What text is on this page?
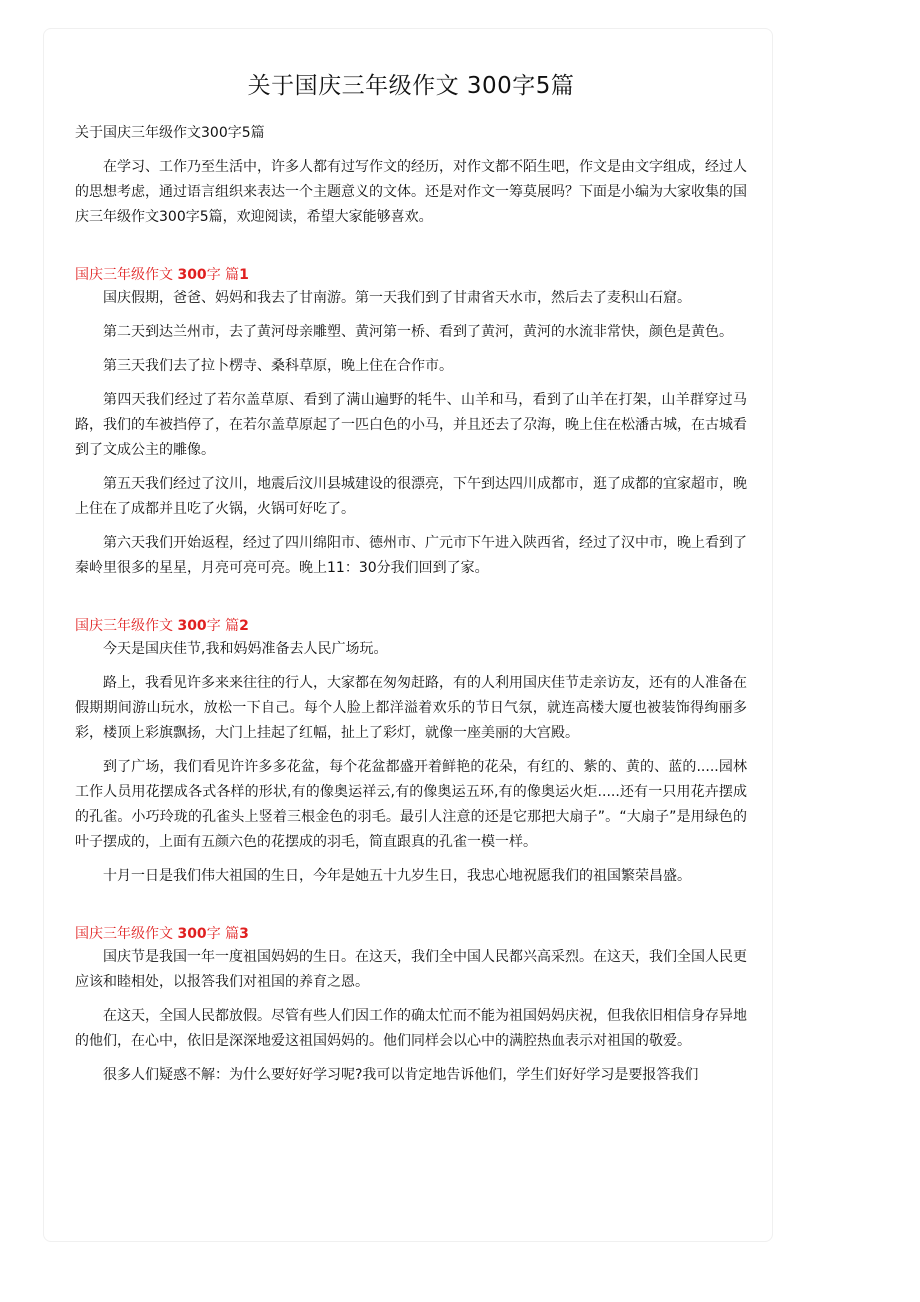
关于国庆三年级作文 300字5篇

关于国庆三年级作文300字5篇

在学习、工作乃至生活中，许多人都有过写作文的经历，对作文都不陌生吧，作文是由文字组成，经过人的思想考虑，通过语言组织来表达一个主题意义的文体。还是对作文一筹莫展吗？下面是小编为大家收集的国庆三年级作文300字5篇，欢迎阅读，希望大家能够喜欢。

国庆三年级作文 300字 篇1

国庆假期，爸爸、妈妈和我去了甘南游。第一天我们到了甘肃省天水市，然后去了麦积山石窟。

第二天到达兰州市，去了黄河母亲雕塑、黄河第一桥、看到了黄河，黄河的水流非常快，颜色是黄色。

第三天我们去了拉卜楞寺、桑科草原，晚上住在合作市。

第四天我们经过了若尔盖草原、看到了满山遍野的牦牛、山羊和马，看到了山羊在打架，山羊群穿过马路，我们的车被挡停了，在若尔盖草原起了一匹白色的小马，并且还去了尕海，晚上住在松潘古城，在古城看到了文成公主的雕像。

第五天我们经过了汶川，地震后汶川县城建设的很漂亮，下午到达四川成都市，逛了成都的宜家超市，晚上住在了成都并且吃了火锅，火锅可好吃了。

第六天我们开始返程，经过了四川绵阳市、德州市、广元市下午进入陕西省，经过了汉中市，晚上看到了秦岭里很多的星星，月亮可亮可亮。晚上11：30分我们回到了家。

国庆三年级作文 300字 篇2

今天是国庆佳节,我和妈妈准备去人民广场玩。

路上，我看见许多来来往往的行人，大家都在匆匆赶路，有的人利用国庆佳节走亲访友，还有的人准备在假期期间游山玩水，放松一下自己。每个人脸上都洋溢着欢乐的节日气氛，就连高楼大厦也被装饰得绚丽多彩，楼顶上彩旗飘扬，大门上挂起了红幅，扯上了彩灯，就像一座美丽的大宫殿。

到了广场，我们看见许许多多花盆，每个花盆都盛开着鲜艳的花朵，有红的、紫的、黄的、蓝的.....园林工作人员用花摆成各式各样的形状,有的像奥运祥云,有的像奥运五环,有的像奥运火炬.....还有一只用花卉摆成的孔雀。小巧玲珑的孔雀头上竖着三根金色的羽毛。最引人注意的还是它那把大扇子”。“大扇子”是用绿色的叶子摆成的，上面有五颜六色的花摆成的羽毛，简直跟真的孔雀一模一样。

十月一日是我们伟大祖国的生日，今年是她五十九岁生日，我忠心地祝愿我们的祖国繁荣昌盛。

国庆三年级作文 300字 篇3

国庆节是我国一年一度祖国妈妈的生日。在这天，我们全中国人民都兴高采烈。在这天，我们全国人民更应该和睦相处，以报答我们对祖国的养育之恩。

在这天，全国人民都放假。尽管有些人们因工作的确太忙而不能为祖国妈妈庆祝，但我依旧相信身存异地的他们，在心中，依旧是深深地爱这祖国妈妈的。他们同样会以心中的满腔热血表示对祖国的敬爱。

很多人们疑惑不解：为什么要好好学习呢?我可以肯定地告诉他们，学生们好好学习是要报答我们
